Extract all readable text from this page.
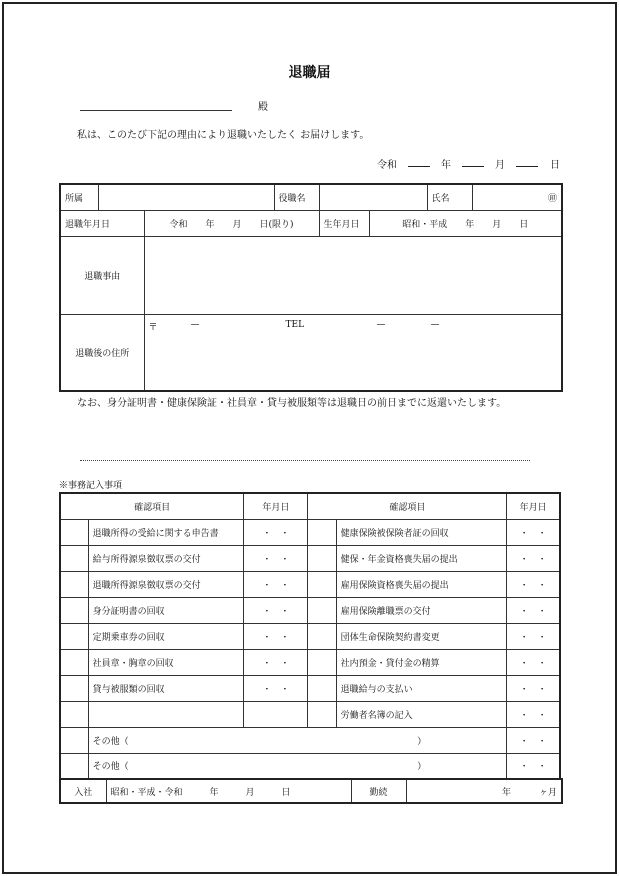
退職届
殿
私は、このたび下記の理由により退職いたしたく お届けします。
令和	年	月	日
所属			役職名			氏名	㊞
退職年月日		令和　　年　　月　　日(限り)		生年月日	昭和・平成　　年　　月　　日		
退職事由							
退職後の住所		〒 — TEL — —					
なお、身分証明書・健康保険証・社員章・貸与被服類等は退職日の前日までに返還いたします。
※事務記入事項
確認項目		年月日	確認項目		年月日
	退職所得の受給に関する申告書	・　・		健康保険被保険者証の回収	・　・
	給与所得源泉徴収票の交付	・　・		健保・年金資格喪失届の提出	・　・
	退職所得源泉徴収票の交付	・　・		雇用保険資格喪失届の提出	・　・
	身分証明書の回収	・　・		雇用保険離職票の交付	・　・
	定期乗車券の回収	・　・		団体生命保険契約書変更	・　・
	社員章・胸章の回収	・　・		社内預金・貸付金の精算	・　・
	貸与被服類の回収	・　・		退職給与の支払い	・　・
				労働者名簿の記入	・　・

	その他（ ）				・　・

	その他（ ）				・　・
入社	昭和・平成・令和　　　年　　　月　　　日	勤続	年	ヶ月
